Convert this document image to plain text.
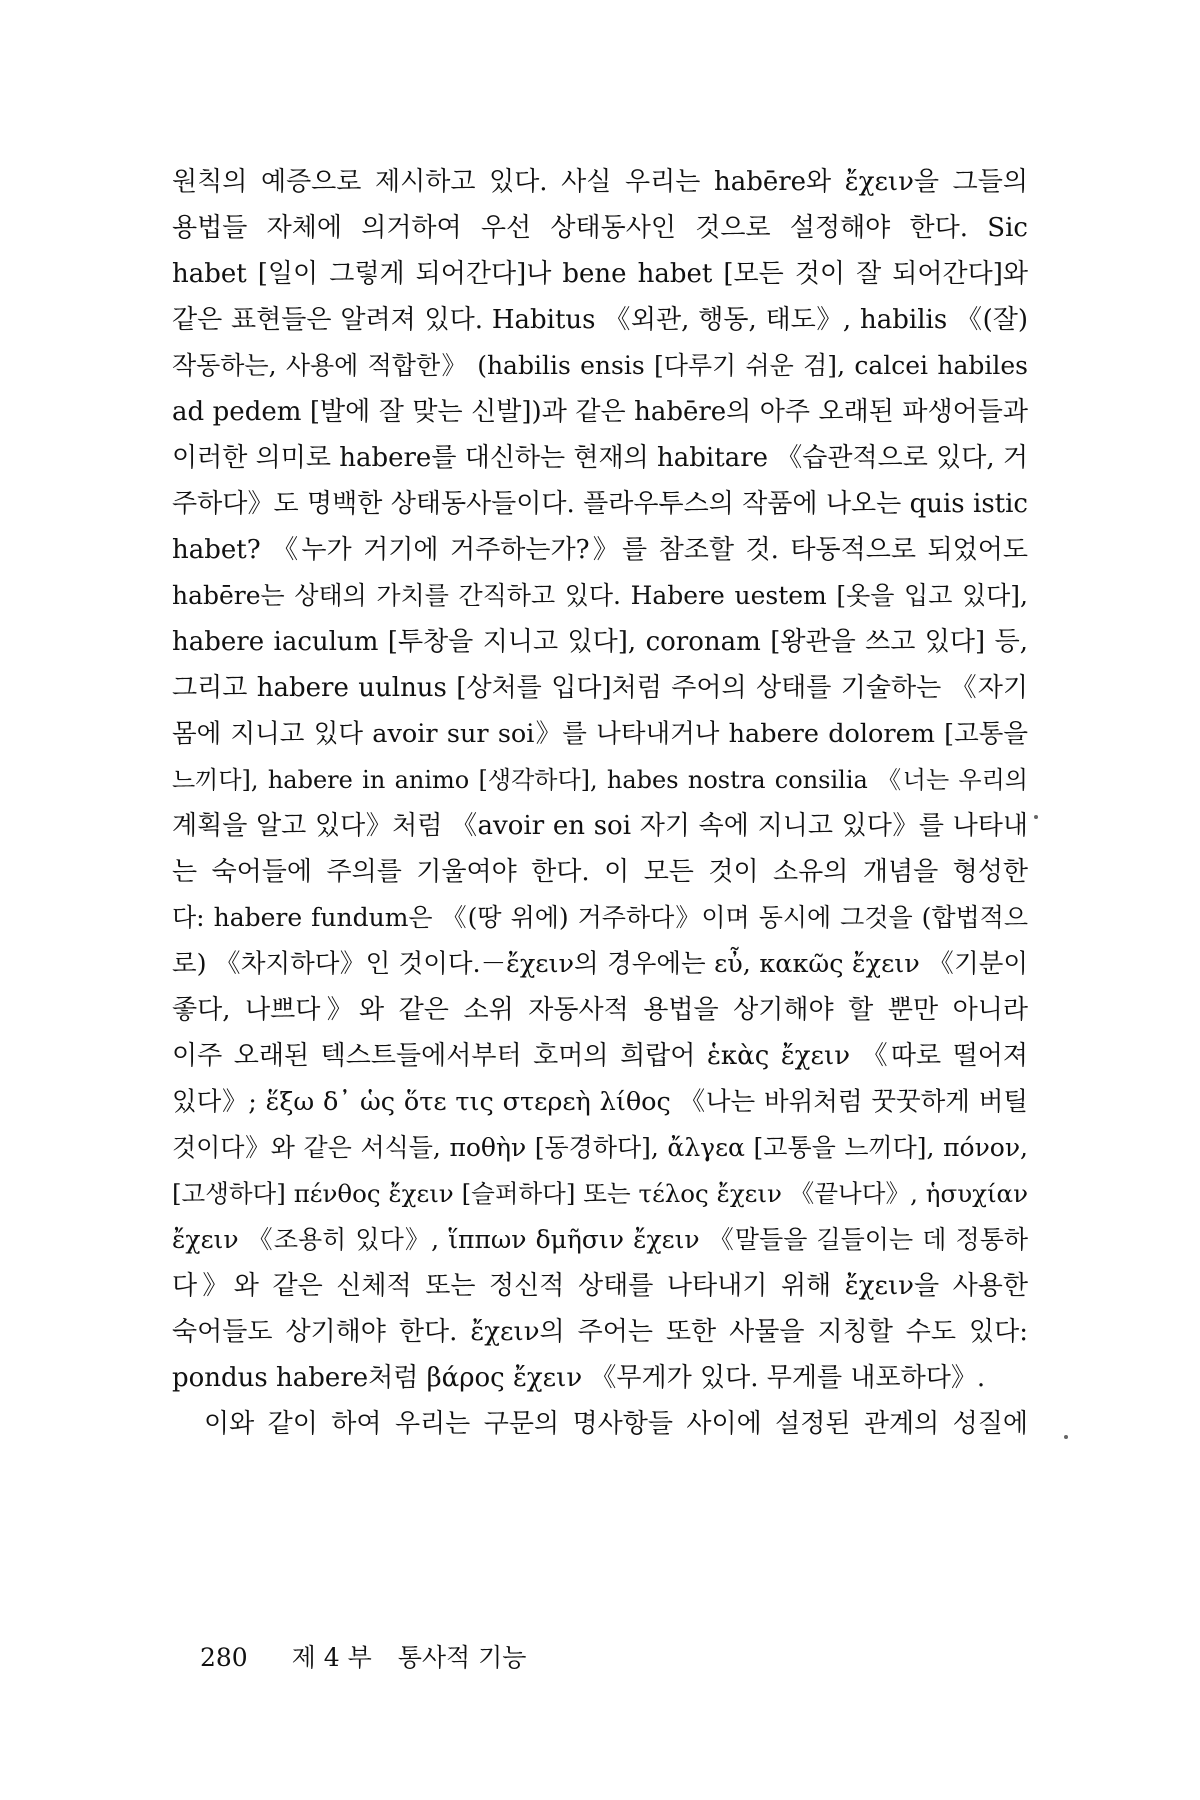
원칙의 예증으로 제시하고 있다. 사실 우리는 habēre와 ἔχειν을 그들의
용법들 자체에 의거하여 우선 상태동사인 것으로 설정해야 한다. Sic
habet [일이 그렇게 되어간다]나 bene habet [모든 것이 잘 되어간다]와
같은 표현들은 알려져 있다. Habitus 《외관, 행동, 태도》, habilis 《(잘)
작동하는, 사용에 적합한》 (habilis ensis [다루기 쉬운 검], calcei habiles
ad pedem [발에 잘 맞는 신발])과 같은 habēre의 아주 오래된 파생어들과
이러한 의미로 habere를 대신하는 현재의 habitare 《습관적으로 있다, 거
주하다》도 명백한 상태동사들이다. 플라우투스의 작품에 나오는 quis istic
habet? 《누가 거기에 거주하는가?》를 참조할 것. 타동적으로 되었어도
habēre는 상태의 가치를 간직하고 있다. Habere uestem [옷을 입고 있다],
habere iaculum [투창을 지니고 있다], coronam [왕관을 쓰고 있다] 등,
그리고 habere uulnus [상처를 입다]처럼 주어의 상태를 기술하는 《자기
몸에 지니고 있다 avoir sur soi》를 나타내거나 habere dolorem [고통을
느끼다], habere in animo [생각하다], habes nostra consilia 《너는 우리의
계획을 알고 있다》처럼 《avoir en soi 자기 속에 지니고 있다》를 나타내
는 숙어들에 주의를 기울여야 한다. 이 모든 것이 소유의 개념을 형성한
다: habere fundum은 《(땅 위에) 거주하다》이며 동시에 그것을 (합법적으
로) 《차지하다》인 것이다.－ἔχειν의 경우에는 εὖ, κακῶς ἔχειν 《기분이
좋다, 나쁘다》와 같은 소위 자동사적 용법을 상기해야 할 뿐만 아니라
이주 오래된 텍스트들에서부터 호머의 희랍어 ἑκὰς ἔχειν 《따로 떨어져
있다》; ἕξω δ᾽ ὡς ὅτε τις στερεὴ λίθος 《나는 바위처럼 꿋꿋하게 버틸
것이다》와 같은 서식들, ποθὴν [동경하다], ἄλγεα [고통을 느끼다], πόνον,
[고생하다] πένθος ἔχειν [슬퍼하다] 또는 τέλος ἔχειν 《끝나다》, ἡσυχίαν
ἔχειν 《조용히 있다》, ἵππων δμῆσιν ἔχειν 《말들을 길들이는 데 정통하
다》와 같은 신체적 또는 정신적 상태를 나타내기 위해 ἔχειν을 사용한
숙어들도 상기해야 한다. ἔχειν의 주어는 또한 사물을 지칭할 수도 있다:
pondus habere처럼 βάρος ἔχειν 《무게가 있다. 무게를 내포하다》.
이와 같이 하여 우리는 구문의 명사항들 사이에 설정된 관계의 성질에
280 제 4 부 통사적 기능
